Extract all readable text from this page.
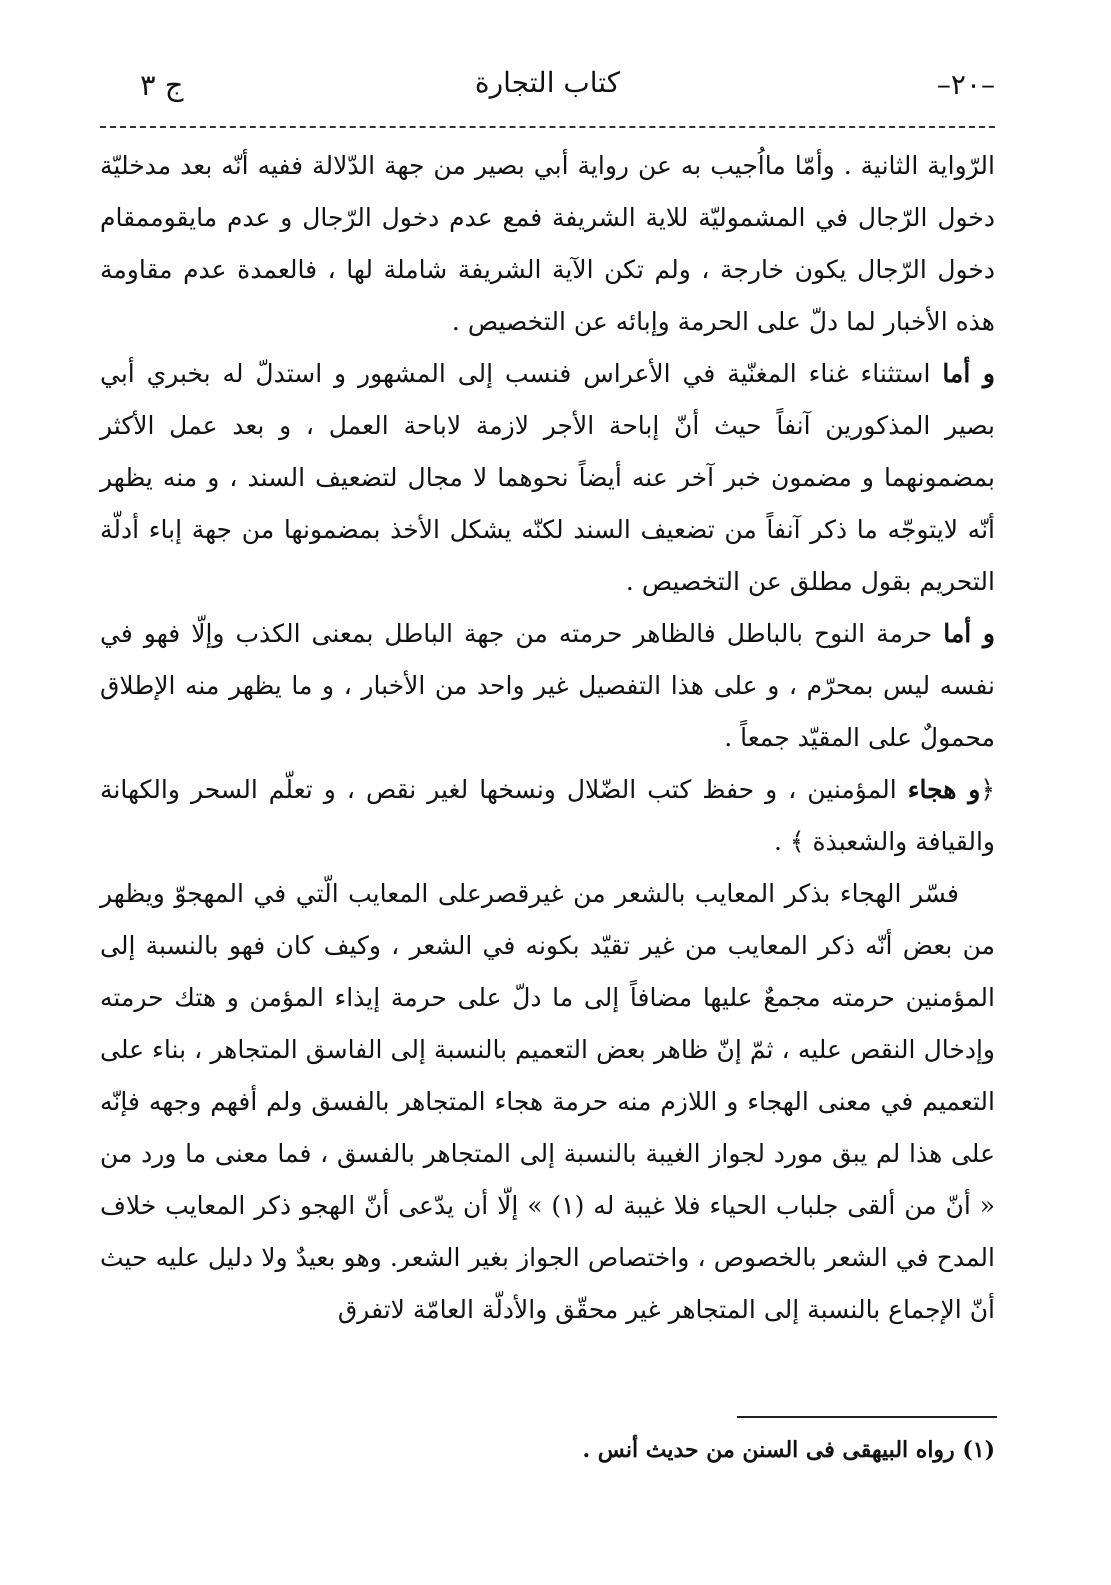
ج ٣	كتاب التجارة	–٢٠–

الرّواية الثانية . وأمّا مااُجيب به عن رواية أبي بصير من جهة الدّلالة ففيه أنّه بعد مدخليّة دخول الرّجال في المشموليّة للاية الشريفة فمع عدم دخول الرّجال و عدم مايقوممقام دخول الرّجال يكون خارجة ، ولم تكن الآية الشريفة شاملة لها ، فالعمدة عدم مقاومة هذه الأخبار لما دلّ على الحرمة وإبائه عن التخصيص .

و أما استثناء غناء المغنّية في الأعراس فنسب إلى المشهور و استدلّ له بخبري أبي بصير المذكورين آنفاً حيث أنّ إباحة الأجر لازمة لاباحة العمل ، و بعد عمل الأكثر بمضمونهما و مضمون خبر آخر عنه أيضاً نحوهما لا مجال لتضعيف السند ، و منه يظهر أنّه لايتوجّه ما ذكر آنفاً من تضعيف السند لكنّه يشكل الأخذ بمضمونها من جهة إباء أدلّة التحريم بقول مطلق عن التخصيص .

و أما حرمة النوح بالباطل فالظاهر حرمته من جهة الباطل بمعنى الكذب وإلّا فهو في نفسه ليس بمحرّم ، و على هذا التفصيل غير واحد من الأخبار ، و ما يظهر منه الإطلاق محمولٌ على المقيّد جمعاً .

﴿و هجاء المؤمنين ، و حفظ كتب الضّلال ونسخها لغير نقص ، و تعلّم السحر والكهانة والقيافة والشعبذة ﴾ .

فسّر الهجاء بذكر المعايب بالشعر من غيرقصرعلى المعايب الّتي في المهجوّ ويظهر من بعض أنّه ذكر المعايب من غير تقيّد بكونه في الشعر ، وكيف كان فهو بالنسبة إلى المؤمنين حرمته مجمعٌ عليها مضافاً إلى ما دلّ على حرمة إيذاء المؤمن و هتك حرمته وإدخال النقص عليه ، ثمّ إنّ ظاهر بعض التعميم بالنسبة إلى الفاسق المتجاهر ، بناء على التعميم في معنى الهجاء و اللازم منه حرمة هجاء المتجاهر بالفسق ولم أفهم وجهه فإنّه على هذا لم يبق مورد لجواز الغيبة بالنسبة إلى المتجاهر بالفسق ، فما معنى ما ورد من « أنّ من ألقى جلباب الحياء فلا غيبة له (١) » إلّا أن يدّعى أنّ الهجو ذكر المعايب خلاف المدح في الشعر بالخصوص ، واختصاص الجواز بغير الشعر. وهو بعيدٌ ولا دليل عليه حيث أنّ الإجماع بالنسبة إلى المتجاهر غير محقّق والأدلّة العامّة لاتفرق

(١) رواه البيهقى فى السنن من حديث أنس .
